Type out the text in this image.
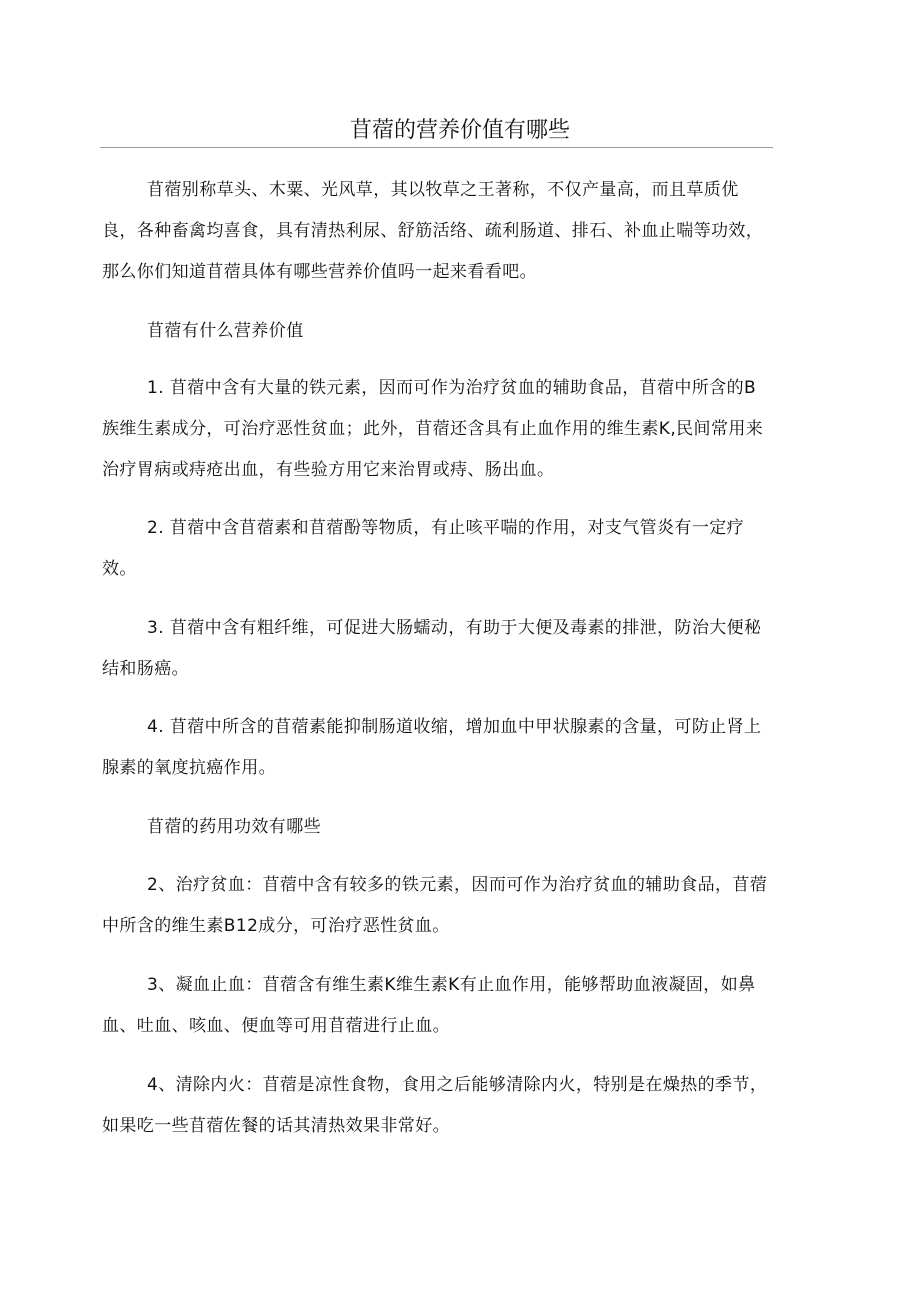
苜蓿的营养价值有哪些

苜蓿别称草头、木粟、光风草，其以牧草之王著称，不仅产量高，而且草质优良，各种畜禽均喜食，具有清热利尿、舒筋活络、疏利肠道、排石、补血止喘等功效，那么你们知道苜蓿具体有哪些营养价值吗一起来看看吧。

苜蓿有什么营养价值

1. 苜蓿中含有大量的铁元素，因而可作为治疗贫血的辅助食品，苜蓿中所含的B族维生素成分，可治疗恶性贫血；此外，苜蓿还含具有止血作用的维生素K,民间常用来治疗胃病或痔疮出血，有些验方用它来治胃或痔、肠出血。

2. 苜蓿中含苜蓿素和苜蓿酚等物质，有止咳平喘的作用，对支气管炎有一定疗效。

3. 苜蓿中含有粗纤维，可促进大肠蠕动，有助于大便及毒素的排泄，防治大便秘结和肠癌。

4. 苜蓿中所含的苜蓿素能抑制肠道收缩，增加血中甲状腺素的含量，可防止肾上腺素的氧度抗癌作用。

苜蓿的药用功效有哪些

2、治疗贫血：苜蓿中含有较多的铁元素，因而可作为治疗贫血的辅助食品，苜蓿中所含的维生素B12成分，可治疗恶性贫血。

3、凝血止血：苜蓿含有维生素K维生素K有止血作用，能够帮助血液凝固，如鼻血、吐血、咳血、便血等可用苜蓿进行止血。

4、清除内火：苜蓿是凉性食物，食用之后能够清除内火，特别是在燥热的季节，如果吃一些苜蓿佐餐的话其清热效果非常好。
